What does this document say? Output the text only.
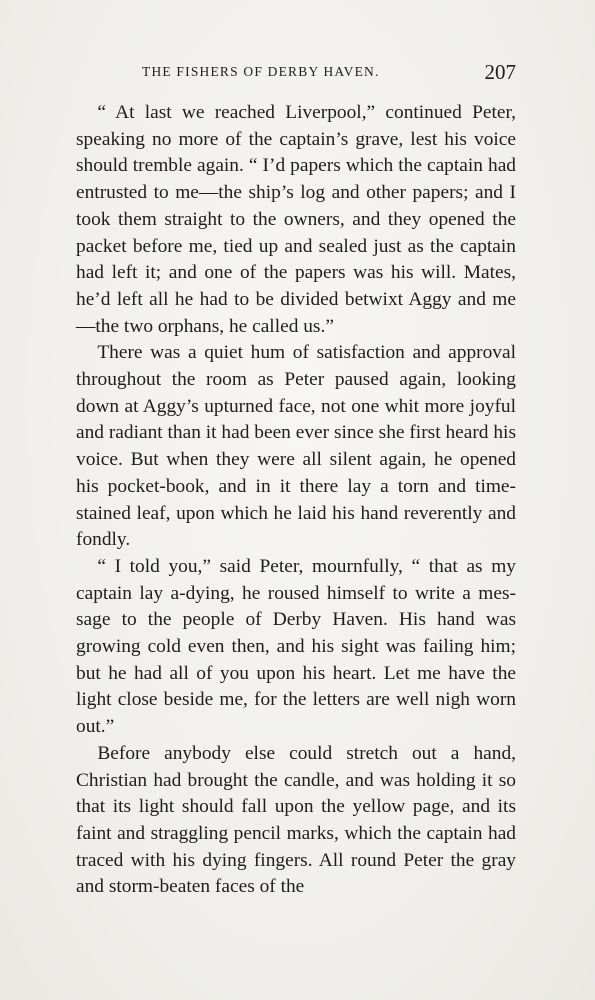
THE FISHERS OF DERBY HAVEN.	207

“ At last we reached Liverpool,” continued Peter, speaking no more of the captain’s grave, lest his voice should tremble again. “ I’d papers which the captain had entrusted to me—the ship’s log and other papers; and I took them straight to the owners, and they opened the packet before me, tied up and sealed just as the captain had left it; and one of the papers was his will. Mates, he’d left all he had to be divided betwixt Aggy and me—the two orphans, he called us.”

There was a quiet hum of satisfaction and approval throughout the room as Peter paused again, looking down at Aggy’s upturned face, not one whit more joyful and radiant than it had been ever since she first heard his voice. But when they were all silent again, he opened his pocket-book, and in it there lay a torn and time-stained leaf, upon which he laid his hand reverently and fondly.

“ I told you,” said Peter, mournfully, “ that as my captain lay a-dying, he roused himself to write a message to the people of Derby Haven. His hand was growing cold even then, and his sight was failing him; but he had all of you upon his heart. Let me have the light close beside me, for the letters are well nigh worn out.”

Before anybody else could stretch out a hand, Christian had brought the candle, and was holding it so that its light should fall upon the yellow page, and its faint and straggling pencil marks, which the captain had traced with his dying fingers. All round Peter the gray and storm-beaten faces of the
